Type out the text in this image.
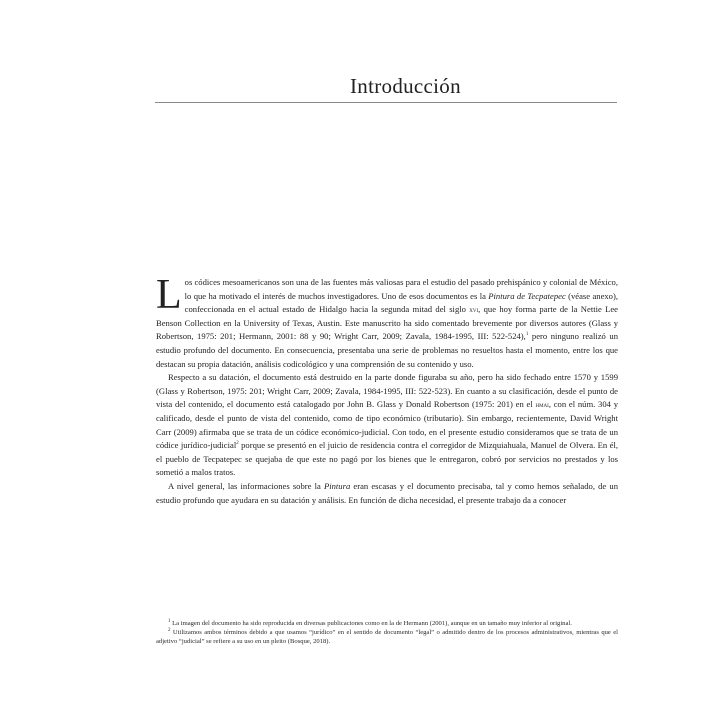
Introducción

Los códices mesoamericanos son una de las fuentes más valiosas para el estudio del pasado prehispánico y colonial de México, lo que ha motivado el interés de muchos investigadores. Uno de esos documentos es la Pintura de Tecpatepec (véase anexo), confeccionada en el actual estado de Hidalgo hacia la segunda mitad del siglo xvi, que hoy forma parte de la Nettie Lee Benson Collection en la University of Texas, Austin. Este manuscrito ha sido comentado brevemente por diversos autores (Glass y Robertson, 1975: 201; Hermann, 2001: 88 y 90; Wright Carr, 2009; Zavala, 1984-1995, III: 522-524),$^1$ pero ninguno realizó un estudio profundo del documento. En consecuencia, presentaba una serie de problemas no resueltos hasta el momento, entre los que destacan su propia datación, análisis codicológico y una comprensión de su contenido y uso.

Respecto a su datación, el documento está destruido en la parte donde figuraba su año, pero ha sido fechado entre 1570 y 1599 (Glass y Robertson, 1975: 201; Wright Carr, 2009; Zavala, 1984-1995, III: 522-523). En cuanto a su clasificación, desde el punto de vista del contenido, el documento está catalogado por John B. Glass y Donald Robertson (1975: 201) en el hmai, con el núm. 304 y calificado, desde el punto de vista del contenido, como de tipo económico (tributario). Sin embargo, recientemente, David Wright Carr (2009) afirmaba que se trata de un códice económico-judicial. Con todo, en el presente estudio consideramos que se trata de un códice jurídico-judicial$^2$ porque se presentó en el juicio de residencia contra el corregidor de Mizquiahuala, Manuel de Olvera. En él, el pueblo de Tecpatepec se quejaba de que este no pagó por los bienes que le entregaron, cobró por servicios no prestados y los sometió a malos tratos.

A nivel general, las informaciones sobre la Pintura eran escasas y el documento precisaba, tal y como hemos señalado, de un estudio profundo que ayudara en su datación y análisis. En función de dicha necesidad, el presente trabajo da a conocer

$^1$ La imagen del documento ha sido reproducida en diversas publicaciones como en la de Hermann (2001), aunque en un tamaño muy inferior al original.

$^2$ Utilizamos ambos términos debido a que usamos “jurídico” en el sentido de documento “legal” o admitido dentro de los procesos administrativos, mientras que el adjetivo “judicial” se refiere a su uso en un pleito (Bosque, 2018).
